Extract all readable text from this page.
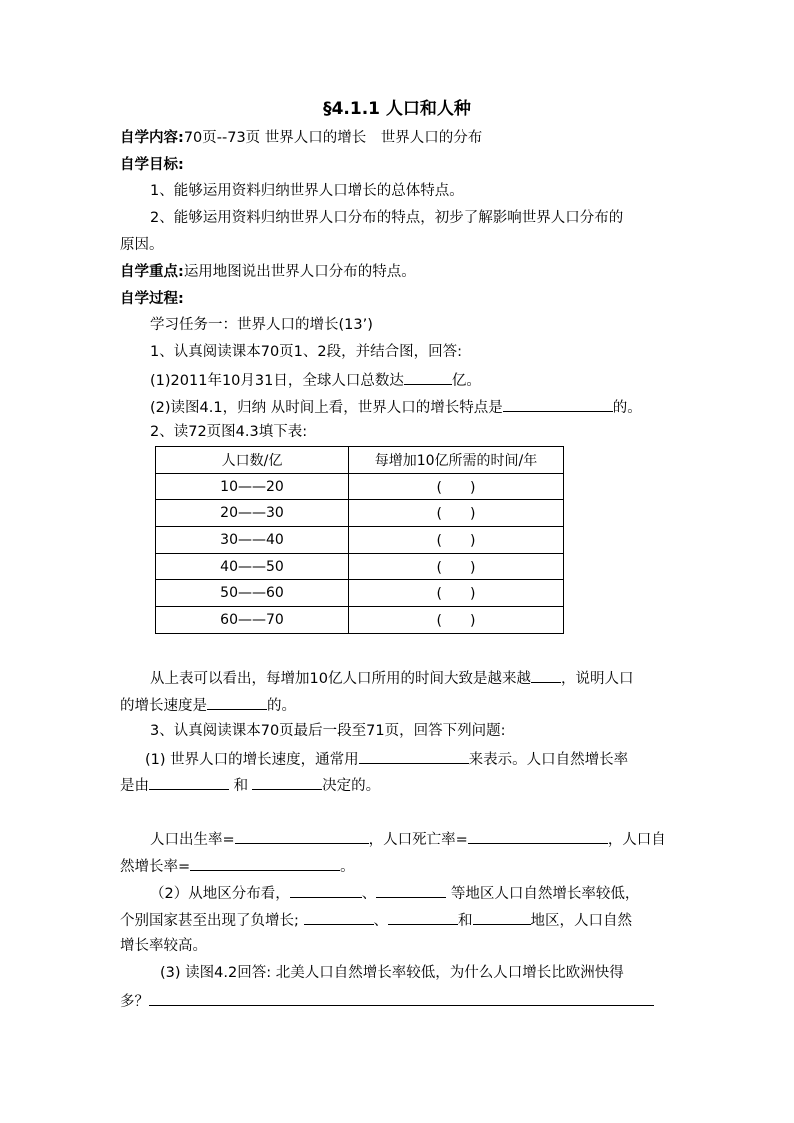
§4.1.1 人口和人种
自学内容:70页--73页 世界人口的增长　世界人口的分布
自学目标:
1、能够运用资料归纳世界人口增长的总体特点。
2、能够运用资料归纳世界人口分布的特点，初步了解影响世界人口分布的
原因。
自学重点:运用地图说出世界人口分布的特点。
自学过程:
学习任务一：世界人口的增长(13’)
1、认真阅读课本70页1、2段，并结合图，回答:
(1)2011年10月31日，全球人口总数达	亿。
(2)读图4.1，归纳 从时间上看，世界人口的增长特点是	的。
2、读72页图4.3填下表:
人口数/亿	每增加10亿所需的时间/年
10——20	(　　)
20——30	(　　)
30——40	(　　)
40——50	(　　)
50——60	(　　)
60——70	(　　)
从上表可以看出，每增加10亿人口所用的时间大致是越来越 ，说明人口
的增长速度是	的。
3、认真阅读课本70页最后一段至71页，回答下列问题:
(1) 世界人口的增长速度，通常用	来表示。人口自然增长率
是由	和	决定的。
人口出生率=	，人口死亡率=	，人口自
然增长率=	。
（2）从地区分布看，	、	等地区人口自然增长率较低，
个别国家甚至出现了负增长;	、	和	地区，人口自然
增长率较高。
(3) 读图4.2回答: 北美人口自然增长率较低，为什么人口增长比欧洲快得
多？
